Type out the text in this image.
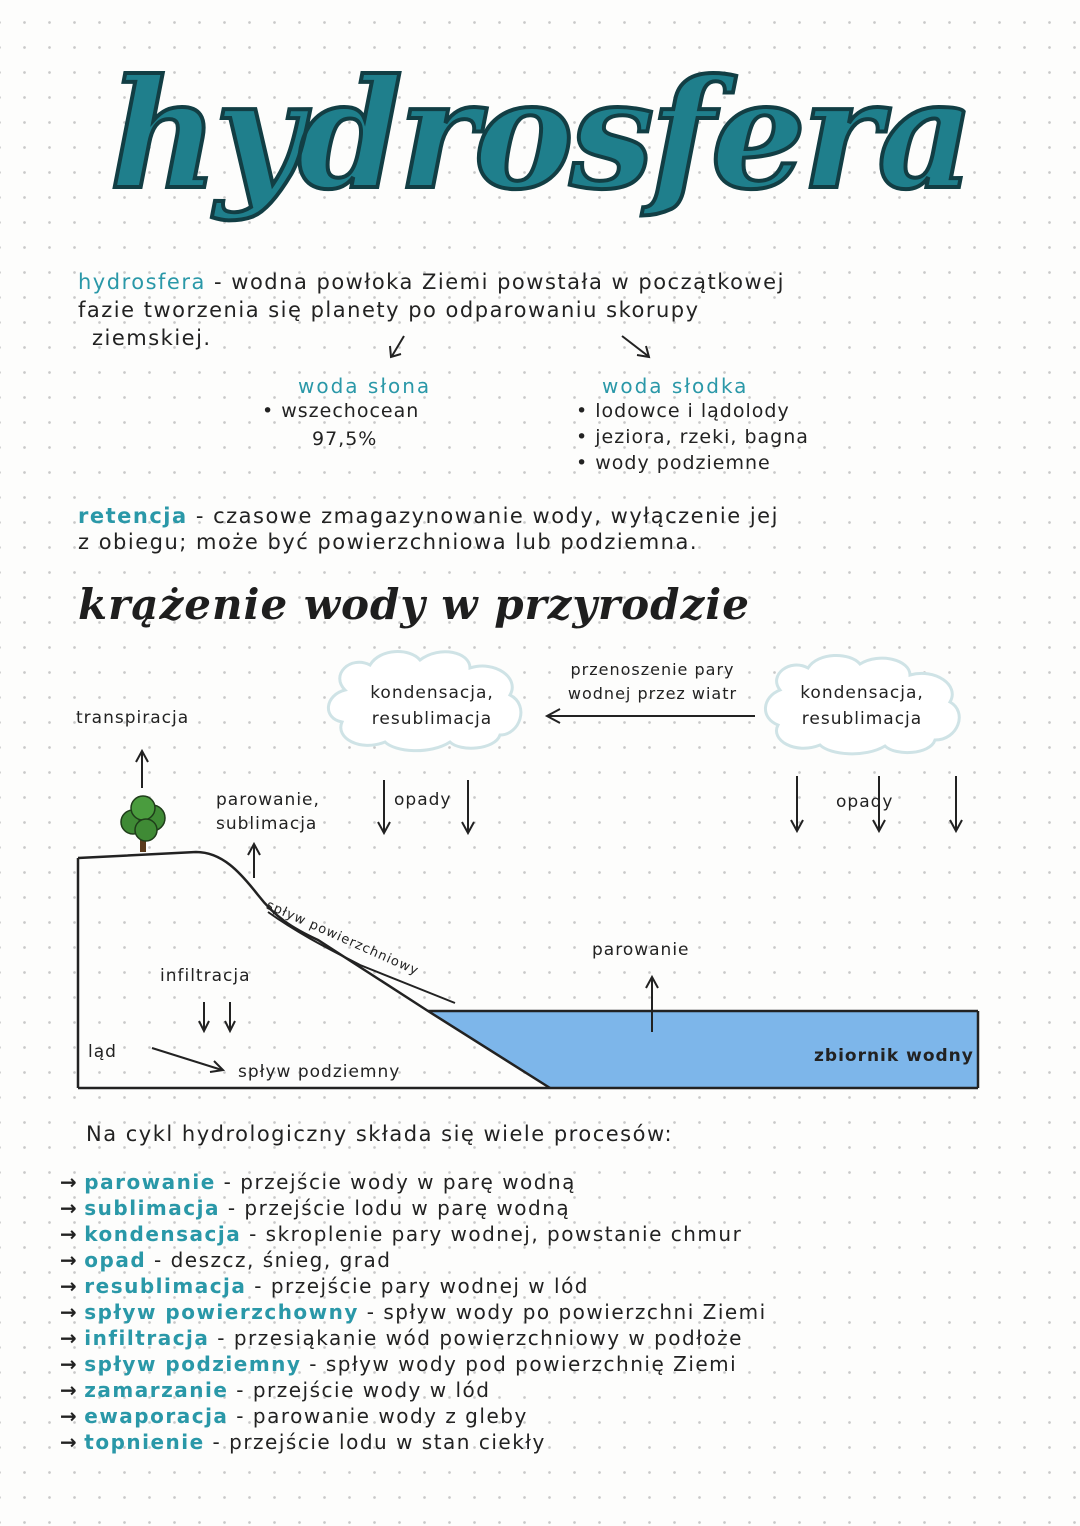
hydrosfera
hydrosfera - wodna powłoka Ziemi powstała w początkowej
fazie tworzenia się planety po odparowaniu skorupy
ziemskiej.
woda słona
• wszechocean
97,5%
woda słodka
• lodowce i lądolody
• jeziora, rzeki, bagna
• wody podziemne
retencja - czasowe zmagazynowanie wody, wyłączenie jej
z obiegu; może być powierzchniowa lub podziemna.
krążenie wody w przyrodzie
transpiracja
kondensacja,
resublimacja
kondensacja,
resublimacja
przenoszenie pary
wodnej przez wiatr
parowanie,
sublimacja
opady	opady
spływ powierzchniowy	parowanie
infiltracja
ląd
spływ podziemny
zbiornik wodny
Na cykl hydrologiczny składa się wiele procesów:
→ parowanie - przejście wody w parę wodną
→ sublimacja - przejście lodu w parę wodną
→ kondensacja - skroplenie pary wodnej, powstanie chmur
→ opad - deszcz, śnieg, grad
→ resublimacja - przejście pary wodnej w lód
→ spływ powierzchowny - spływ wody po powierzchni Ziemi
→ infiltracja - przesiąkanie wód powierzchniowy w podłoże
→ spływ podziemny - spływ wody pod powierzchnię Ziemi
→ zamarzanie - przejście wody w lód
→ ewaporacja - parowanie wody z gleby
→ topnienie - przejście lodu w stan ciekły
